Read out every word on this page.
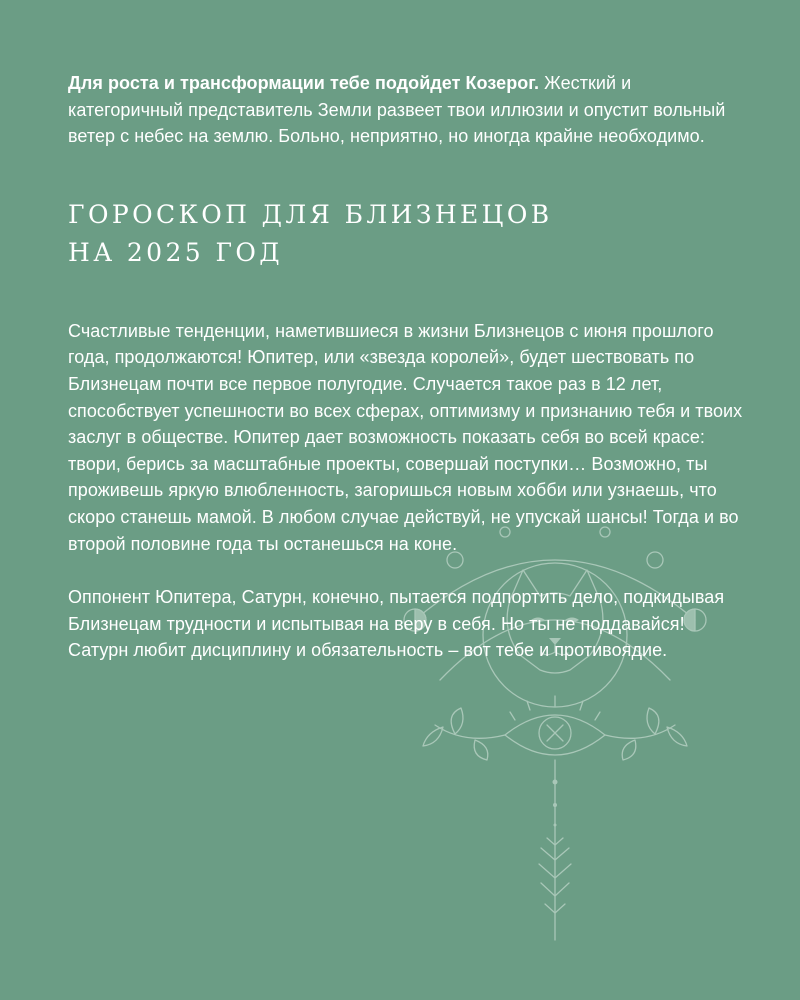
Для роста и трансформации тебе подойдет Козерог. Жесткий и категоричный представитель Земли развеет твои иллюзии и опустит вольный ветер с небес на землю. Больно, неприятно, но иногда крайне необходимо.

ГОРОСКОП ДЛЯ БЛИЗНЕЦОВ
НА 2025 ГОД

Счастливые тенденции, наметившиеся в жизни Близнецов с июня прошлого года, продолжаются! Юпитер, или «звезда королей», будет шествовать по Близнецам почти все первое полугодие. Случается такое раз в 12 лет, способствует успешности во всех сферах, оптимизму и признанию тебя и твоих заслуг в обществе. Юпитер дает возможность показать себя во всей красе: твори, берись за масштабные проекты, совершай поступки… Возможно, ты проживешь яркую влюбленность, загоришься новым хобби или узнаешь, что скоро станешь мамой. В любом случае действуй, не упускай шансы! Тогда и во второй половине года ты останешься на коне.

Оппонент Юпитера, Сатурн, конечно, пытается подпортить дело, подкидывая Близнецам трудности и испытывая на веру в себя. Но ты не поддавайся! Сатурн любит дисциплину и обязательность – вот тебе и противоядие.
